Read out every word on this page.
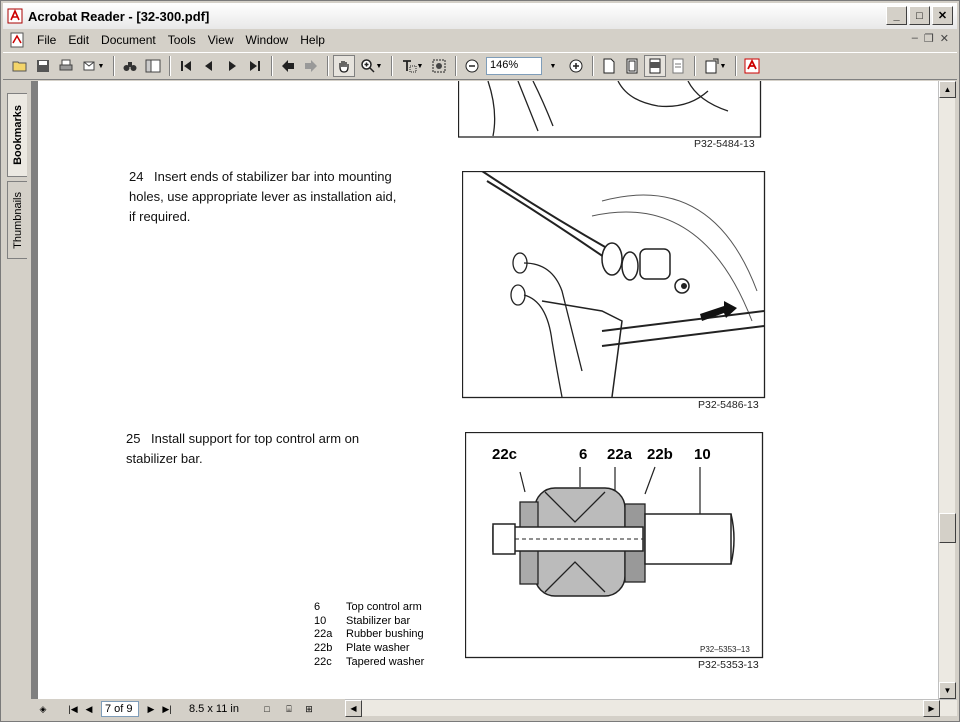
Acrobat Reader - [32-300.pdf]	_ □ ✕
File	Edit	Document	Tools	View	Window	Help	– ❐ ✕
▼	▼	▼	146%	▼	▼
Bookmarks
Thumbnails
P32-5484-13
24 Insert ends of stabilizer bar into mounting
holes, use appropriate lever as installation aid,
if required.
P32-5486-13
25 Install support for top control arm on
stabilizer bar.	22c	6 22a 22b 10
P32–5353–13
P32-5353-13
6	Top control arm
10	Stabilizer bar
22a	Rubber bushing
22b	Plate washer
22c	Tapered washer
▲
▼
◈	|◀ ◀	7 of 9	▶ ▶|	8.5 x 11 in	□	⌸	⊞	◀	▶
